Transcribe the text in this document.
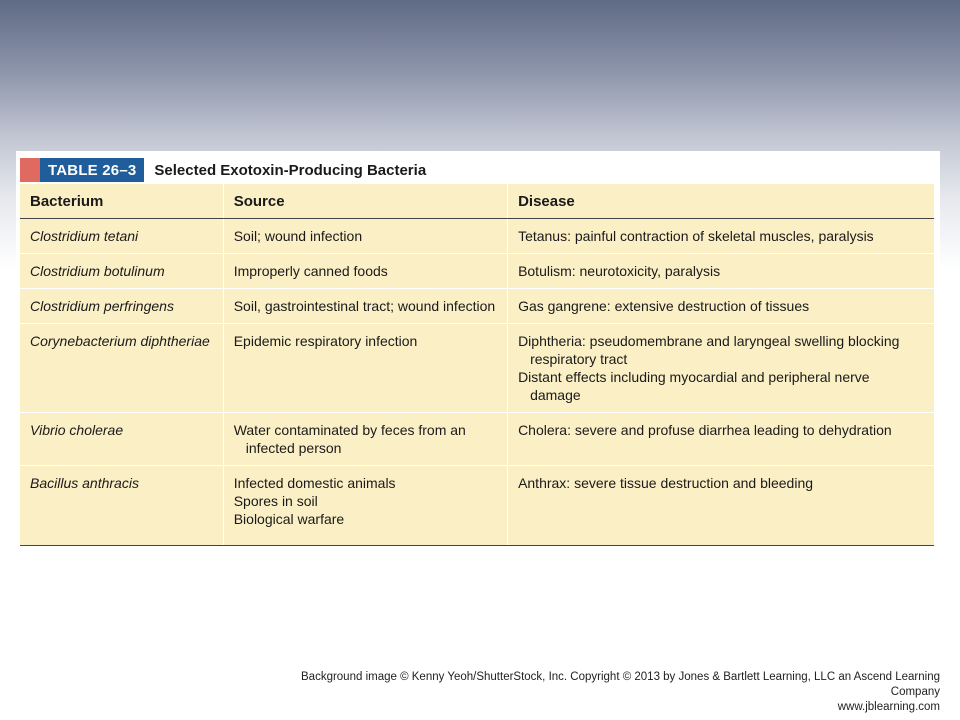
TABLE 26–3	Selected Exotoxin-Producing Bacteria
Bacterium	Source	Disease
Clostridium tetani	Soil; wound infection	Tetanus: painful contraction of skeletal muscles, paralysis

Clostridium botulinum	Improperly canned foods	Botulism: neurotoxicity, paralysis

Clostridium perfringens	Soil, gastrointestinal tract; wound infection	Gas gangrene: extensive destruction of tissues

Corynebacterium diphtheriae	Epidemic respiratory infection	Diphtheria: pseudomembrane and laryngeal swelling blocking
respiratory tract
Distant effects including myocardial and peripheral nerve
damage

Vibrio cholerae	Water contaminated by feces from an
infected person	Cholera: severe and profuse diarrhea leading to dehydration

Bacillus anthracis	Infected domestic animals
Spores in soil
Biological warfare	Anthrax: severe tissue destruction and bleeding
Background image © Kenny Yeoh/ShutterStock, Inc. Copyright © 2013 by Jones & Bartlett Learning, LLC an Ascend Learning Company
www.jblearning.com
